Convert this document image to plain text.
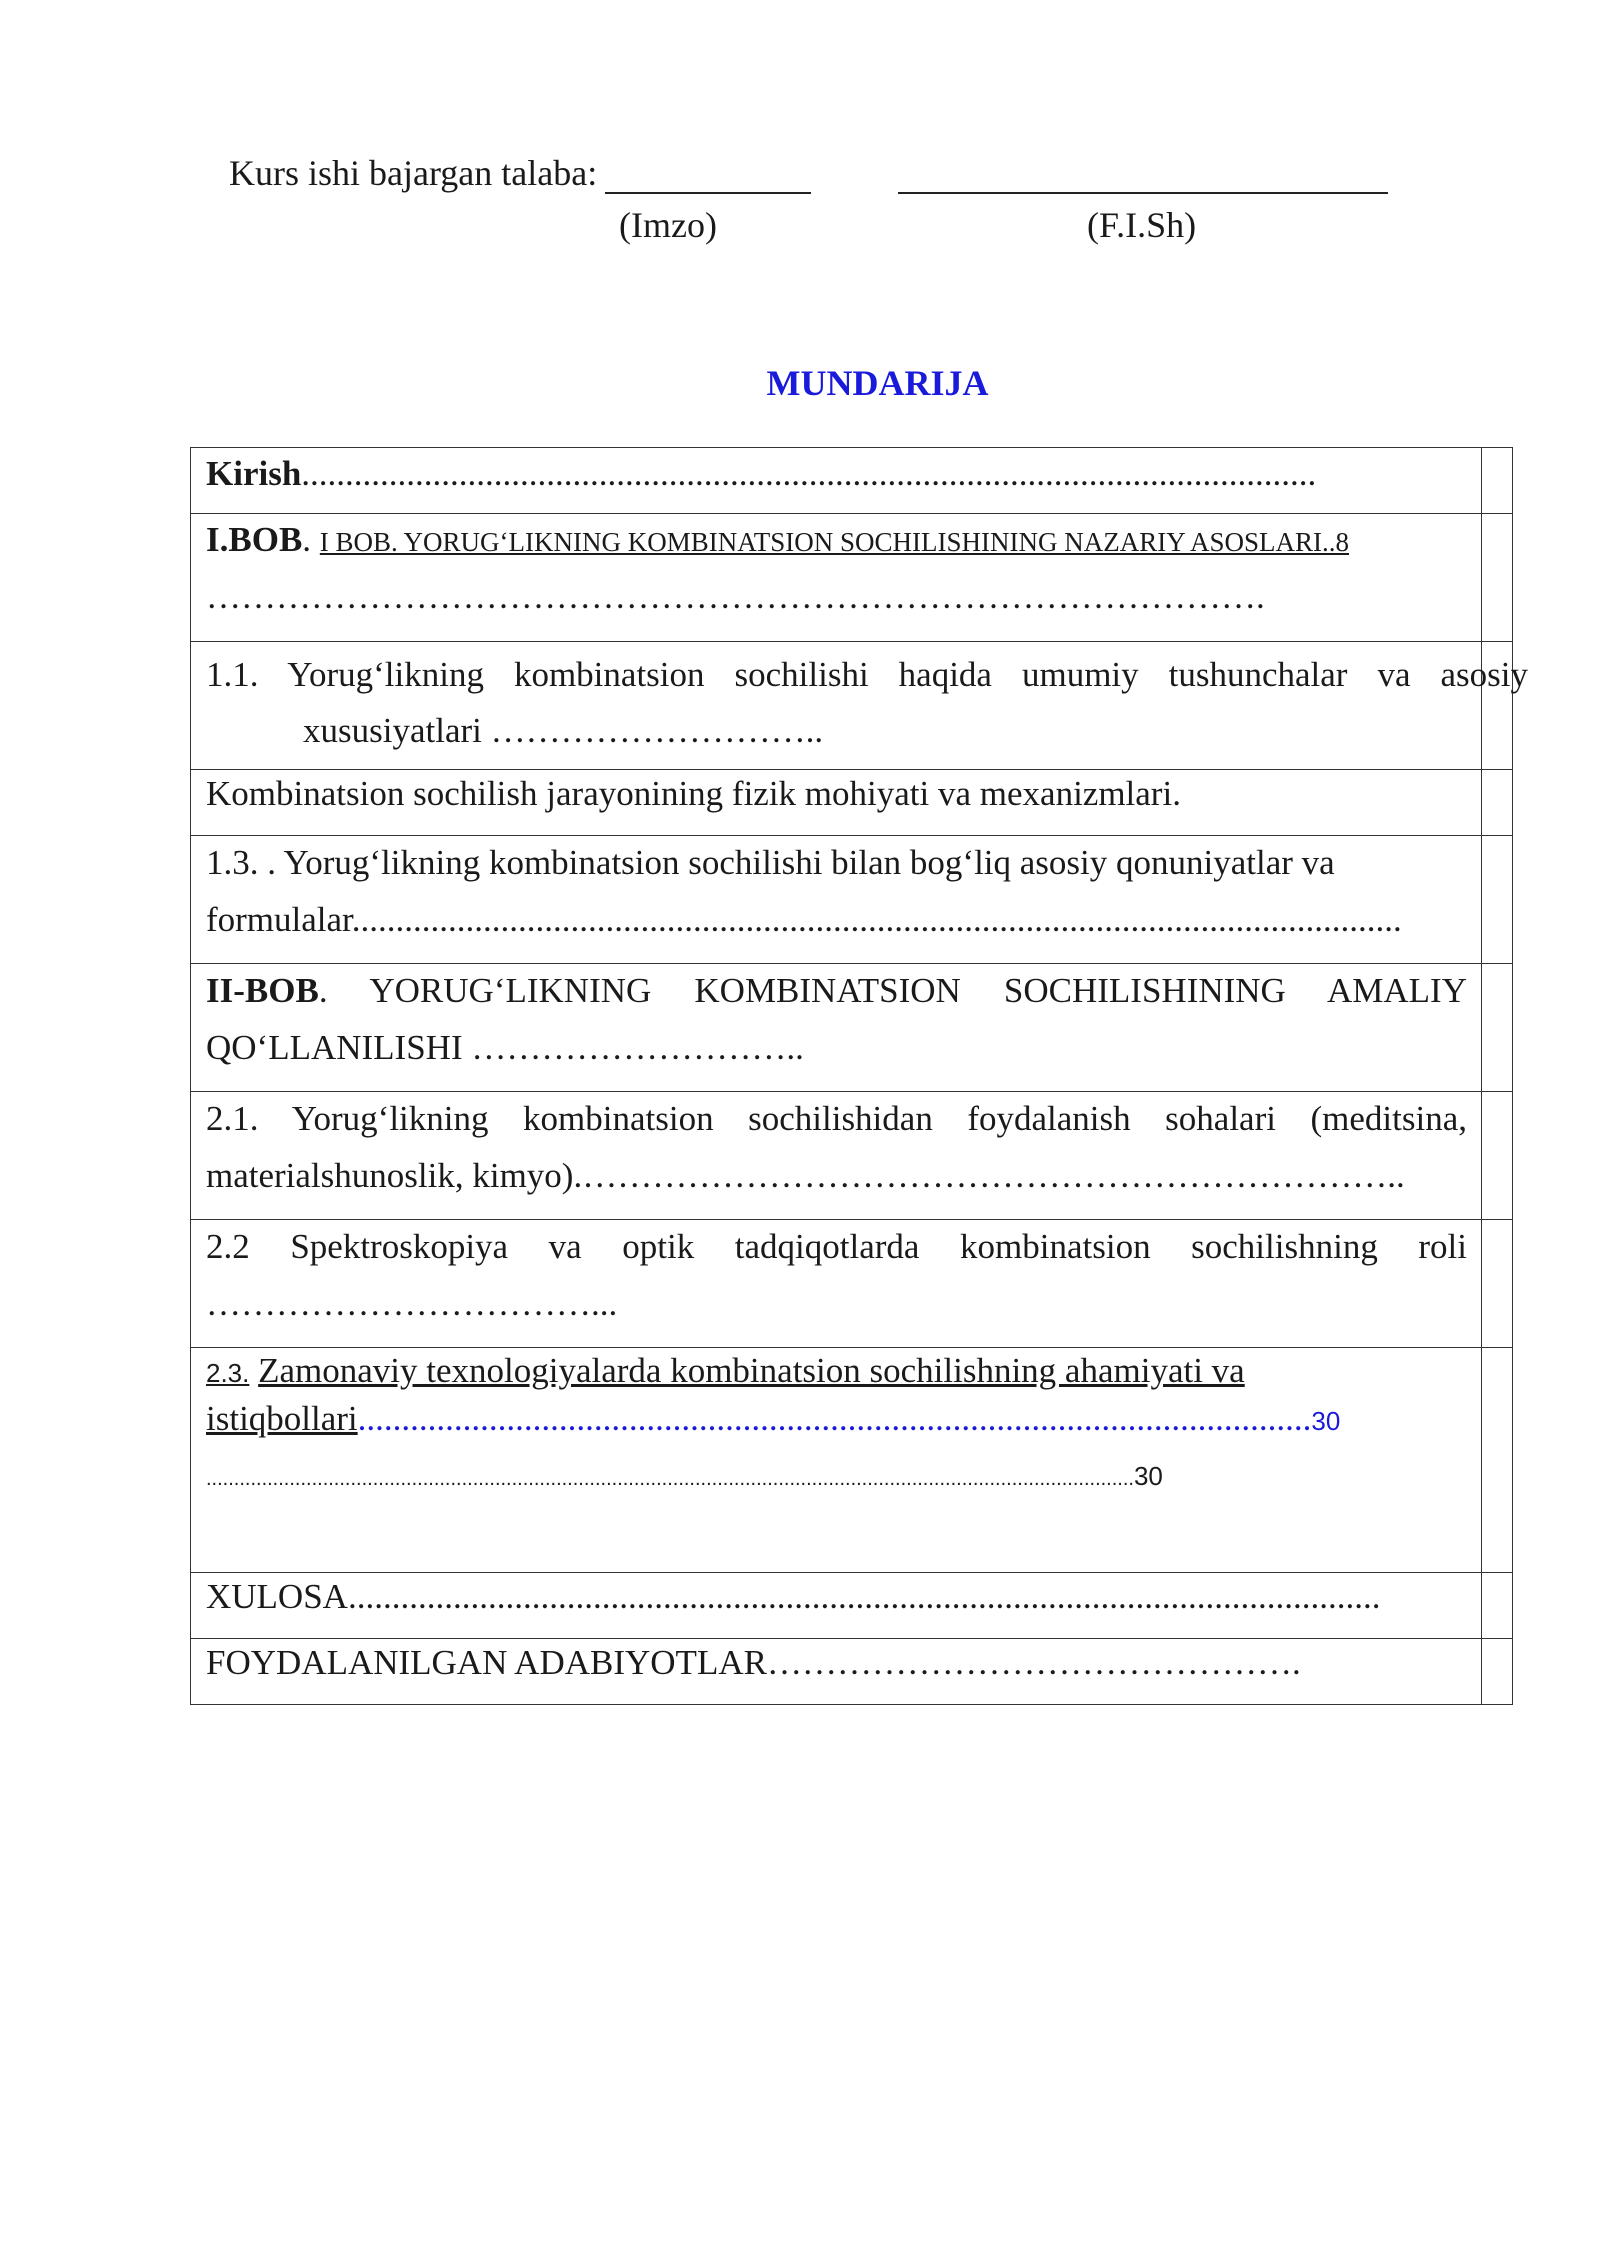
Kurs ishi bajargan talaba:
(Imzo)	(F.I.Sh)
MUNDARIJA
Kirish....................................................................................................................	

I.BOB. I BOB. YORUG‘LIKNING KOMBINATSION SOCHILISHINING NAZARIY ASOSLARI..8
……………………………………………………………………………….	

1.1. Yorug‘likning kombinatsion sochilishi haqida umumiy tushunchalar va asosiy
xususiyatlari ………………………..	

Kombinatsion sochilish jarayonining fizik mohiyati va mexanizmlari.	

1.3. . Yorug‘likning kombinatsion sochilishi bilan bog‘liq asosiy qonuniyatlar va
formulalar........................................................................................................................	

II-BOB. YORUG‘LIKNING KOMBINATSION SOCHILISHINING AMALIY
QO‘LLANILISHI ………………………..	

2.1. Yorug‘likning kombinatsion sochilishidan foydalanish sohalari (meditsina,
materialshunoslik, kimyo).……………………………………………………………..	

2.2 Spektroskopiya va optik tadqiqotlarda kombinatsion sochilishning roli
……………………………...	

2.3. Zamonaviy texnologiyalarda kombinatsion sochilishning ahamiyati va
istiqbollari.............................................................................................................30
.......................................................................................................................................................................30	

XULOSA......................................................................................................................	

FOYDALANILGAN ADABIYOTLAR……………………………………….	
